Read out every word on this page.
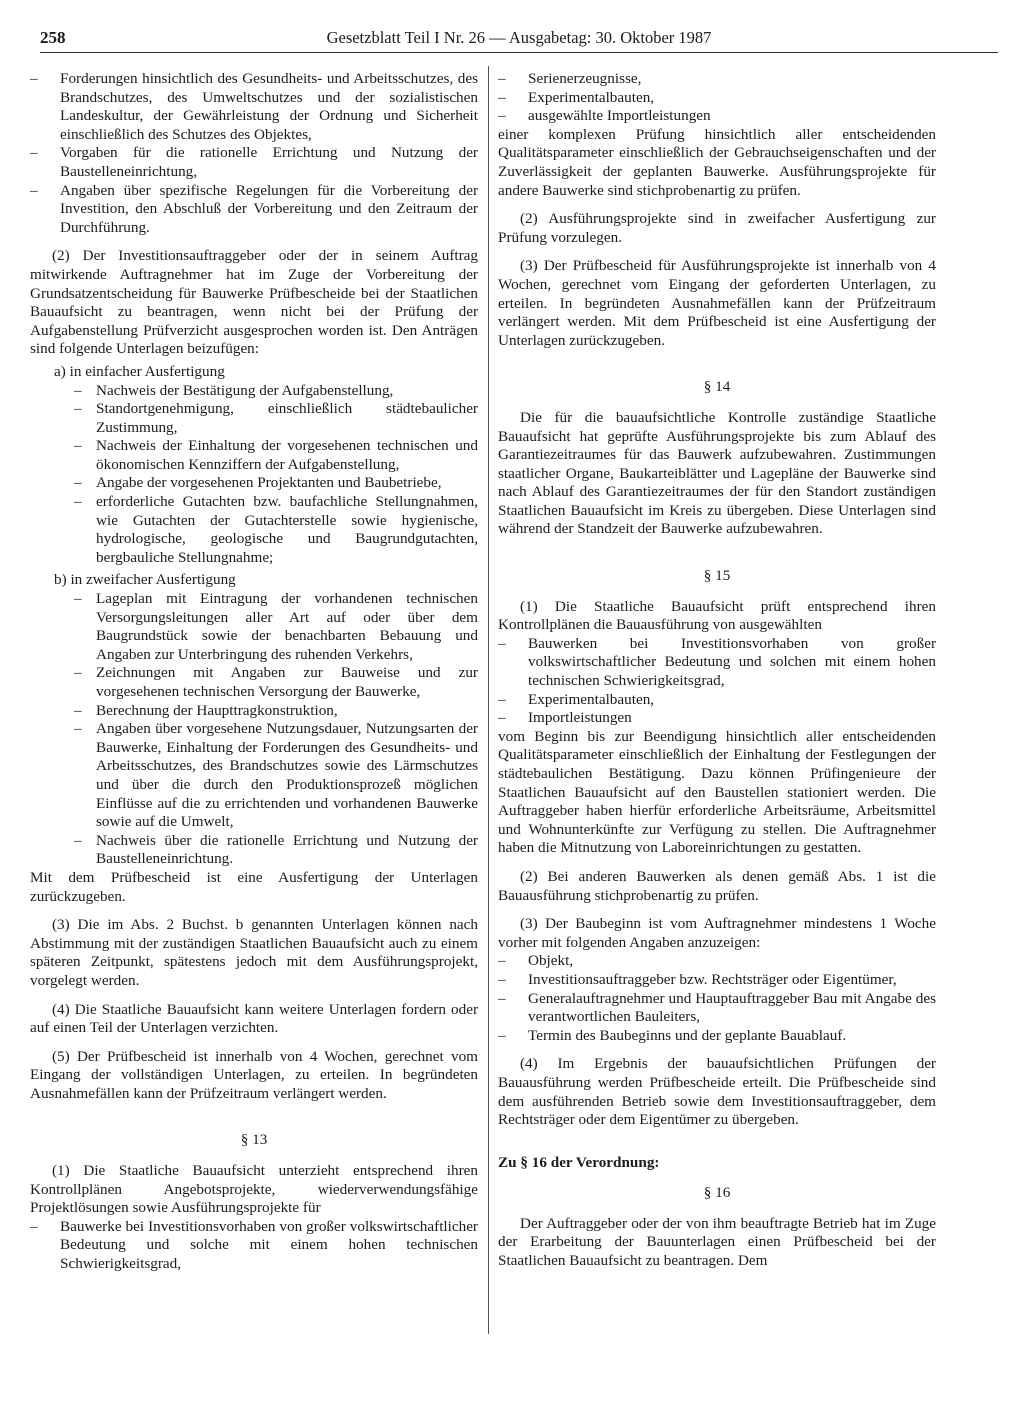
258	Gesetzblatt Teil I Nr. 26 — Ausgabetag: 30. Oktober 1987

– Forderungen hinsichtlich des Gesundheits- und Arbeitsschutzes, des Brandschutzes, des Umweltschutzes und der sozialistischen Landeskultur, der Gewährleistung der Ordnung und Sicherheit einschließlich des Schutzes des Objektes,

– Vorgaben für die rationelle Errichtung und Nutzung der Baustelleneinrichtung,

– Angaben über spezifische Regelungen für die Vorbereitung der Investition, den Abschluß der Vorbereitung und den Zeitraum der Durchführung.

(2) Der Investitionsauftraggeber oder der in seinem Auftrag mitwirkende Auftragnehmer hat im Zuge der Vorbereitung der Grundsatzentscheidung für Bauwerke Prüfbescheide bei der Staatlichen Bauaufsicht zu beantragen, wenn nicht bei der Prüfung der Aufgabenstellung Prüfverzicht ausgesprochen worden ist. Den Anträgen sind folgende Unterlagen beizufügen:

a) in einfacher Ausfertigung

– Nachweis der Bestätigung der Aufgabenstellung,

– Standortgenehmigung, einschließlich städtebaulicher Zustimmung,

– Nachweis der Einhaltung der vorgesehenen technischen und ökonomischen Kennziffern der Aufgabenstellung,

– Angabe der vorgesehenen Projektanten und Baubetriebe,

– erforderliche Gutachten bzw. baufachliche Stellungnahmen, wie Gutachten der Gutachterstelle sowie hygienische, hydrologische, geologische und Baugrundgutachten, bergbauliche Stellungnahme;

b) in zweifacher Ausfertigung

– Lageplan mit Eintragung der vorhandenen technischen Versorgungsleitungen aller Art auf oder über dem Baugrundstück sowie der benachbarten Bebauung und Angaben zur Unterbringung des ruhenden Verkehrs,

– Zeichnungen mit Angaben zur Bauweise und zur vorgesehenen technischen Versorgung der Bauwerke,

– Berechnung der Haupttragkonstruktion,

– Angaben über vorgesehene Nutzungsdauer, Nutzungsarten der Bauwerke, Einhaltung der Forderungen des Gesundheits- und Arbeitsschutzes, des Brandschutzes sowie des Lärmschutzes und über die durch den Produktionsprozeß möglichen Einflüsse auf die zu errichtenden und vorhandenen Bauwerke sowie auf die Umwelt,

– Nachweis über die rationelle Errichtung und Nutzung der Baustelleneinrichtung.

Mit dem Prüfbescheid ist eine Ausfertigung der Unterlagen zurückzugeben.

(3) Die im Abs. 2 Buchst. b genannten Unterlagen können nach Abstimmung mit der zuständigen Staatlichen Bauaufsicht auch zu einem späteren Zeitpunkt, spätestens jedoch mit dem Ausführungsprojekt, vorgelegt werden.

(4) Die Staatliche Bauaufsicht kann weitere Unterlagen fordern oder auf einen Teil der Unterlagen verzichten.

(5) Der Prüfbescheid ist innerhalb von 4 Wochen, gerechnet vom Eingang der vollständigen Unterlagen, zu erteilen. In begründeten Ausnahmefällen kann der Prüfzeitraum verlängert werden.

§ 13

(1) Die Staatliche Bauaufsicht unterzieht entsprechend ihren Kontrollplänen Angebotsprojekte, wiederverwendungsfähige Projektlösungen sowie Ausführungsprojekte für

– Bauwerke bei Investitionsvorhaben von großer volkswirtschaftlicher Bedeutung und solche mit einem hohen technischen Schwierigkeitsgrad,

– Serienerzeugnisse,

– Experimentalbauten,

– ausgewählte Importleistungen

einer komplexen Prüfung hinsichtlich aller entscheidenden Qualitätsparameter einschließlich der Gebrauchseigenschaften und der Zuverlässigkeit der geplanten Bauwerke. Ausführungsprojekte für andere Bauwerke sind stichprobenartig zu prüfen.

(2) Ausführungsprojekte sind in zweifacher Ausfertigung zur Prüfung vorzulegen.

(3) Der Prüfbescheid für Ausführungsprojekte ist innerhalb von 4 Wochen, gerechnet vom Eingang der geforderten Unterlagen, zu erteilen. In begründeten Ausnahmefällen kann der Prüfzeitraum verlängert werden. Mit dem Prüfbescheid ist eine Ausfertigung der Unterlagen zurückzugeben.

§ 14

Die für die bauaufsichtliche Kontrolle zuständige Staatliche Bauaufsicht hat geprüfte Ausführungsprojekte bis zum Ablauf des Garantiezeitraumes für das Bauwerk aufzubewahren. Zustimmungen staatlicher Organe, Baukarteiblätter und Lagepläne der Bauwerke sind nach Ablauf des Garantiezeitraumes der für den Standort zuständigen Staatlichen Bauaufsicht im Kreis zu übergeben. Diese Unterlagen sind während der Standzeit der Bauwerke aufzubewahren.

§ 15

(1) Die Staatliche Bauaufsicht prüft entsprechend ihren Kontrollplänen die Bauausführung von ausgewählten

– Bauwerken bei Investitionsvorhaben von großer volkswirtschaftlicher Bedeutung und solchen mit einem hohen technischen Schwierigkeitsgrad,

– Experimentalbauten,

– Importleistungen

vom Beginn bis zur Beendigung hinsichtlich aller entscheidenden Qualitätsparameter einschließlich der Einhaltung der Festlegungen der städtebaulichen Bestätigung. Dazu können Prüfingenieure der Staatlichen Bauaufsicht auf den Baustellen stationiert werden. Die Auftraggeber haben hierfür erforderliche Arbeitsräume, Arbeitsmittel und Wohnunterkünfte zur Verfügung zu stellen. Die Auftragnehmer haben die Mitnutzung von Laboreinrichtungen zu gestatten.

(2) Bei anderen Bauwerken als denen gemäß Abs. 1 ist die Bauausführung stichprobenartig zu prüfen.

(3) Der Baubeginn ist vom Auftragnehmer mindestens 1 Woche vorher mit folgenden Angaben anzuzeigen:

– Objekt,

– Investitionsauftraggeber bzw. Rechtsträger oder Eigentümer,

– Generalauftragnehmer und Hauptauftraggeber Bau mit Angabe des verantwortlichen Bauleiters,

– Termin des Baubeginns und der geplante Bauablauf.

(4) Im Ergebnis der bauaufsichtlichen Prüfungen der Bauausführung werden Prüfbescheide erteilt. Die Prüfbescheide sind dem ausführenden Betrieb sowie dem Investitionsauftraggeber, dem Rechtsträger oder dem Eigentümer zu übergeben.

Zu § 16 der Verordnung:

§ 16

Der Auftraggeber oder der von ihm beauftragte Betrieb hat im Zuge der Erarbeitung der Bauunterlagen einen Prüfbescheid bei der Staatlichen Bauaufsicht zu beantragen. Dem
